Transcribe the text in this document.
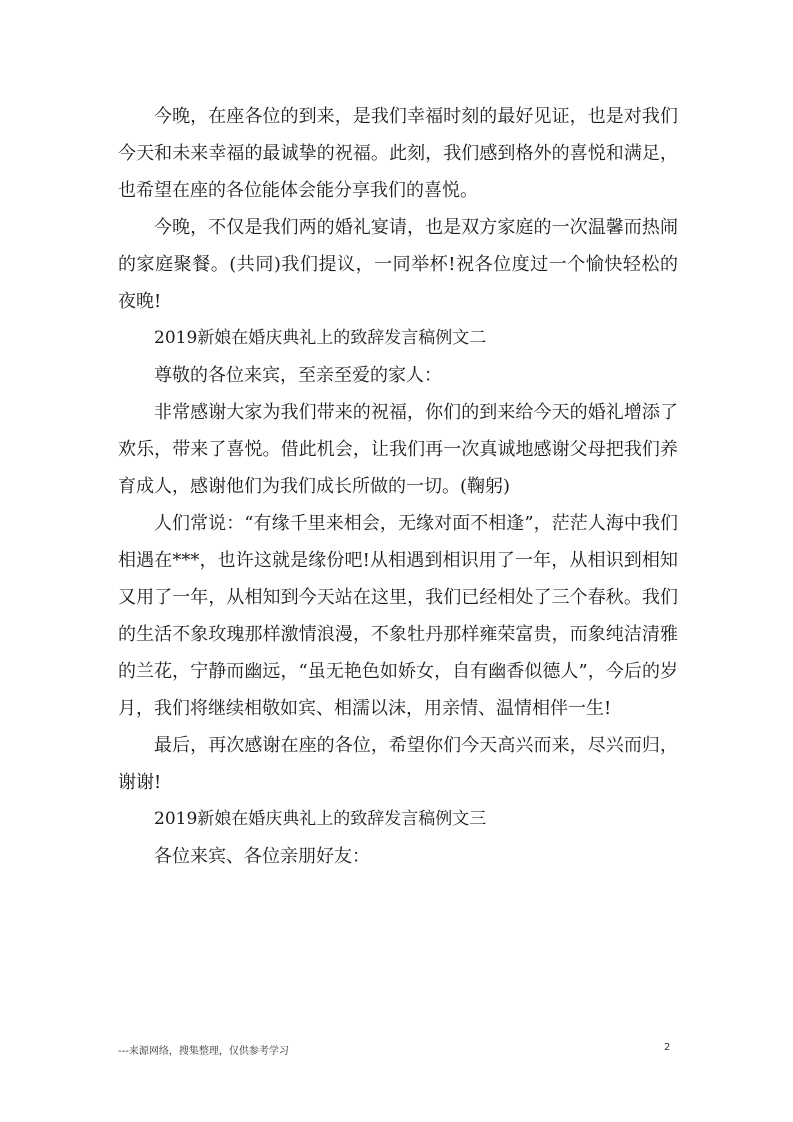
今晚，在座各位的到来，是我们幸福时刻的最好见证，也是对我们今天和未来幸福的最诚挚的祝福。此刻，我们感到格外的喜悦和满足，也希望在座的各位能体会能分享我们的喜悦。

今晚，不仅是我们两的婚礼宴请，也是双方家庭的一次温馨而热闹的家庭聚餐。(共同)我们提议，一同举杯!祝各位度过一个愉快轻松的夜晚!

2019新娘在婚庆典礼上的致辞发言稿例文二

尊敬的各位来宾，至亲至爱的家人：

非常感谢大家为我们带来的祝福，你们的到来给今天的婚礼增添了欢乐，带来了喜悦。借此机会，让我们再一次真诚地感谢父母把我们养育成人，感谢他们为我们成长所做的一切。(鞠躬)

人们常说：“有缘千里来相会，无缘对面不相逢”，茫茫人海中我们相遇在***，也许这就是缘份吧!从相遇到相识用了一年，从相识到相知又用了一年，从相知到今天站在这里，我们已经相处了三个春秋。我们的生活不象玫瑰那样激情浪漫，不象牡丹那样雍荣富贵，而象纯洁清雅的兰花，宁静而幽远，“虽无艳色如娇女，自有幽香似德人”，今后的岁月，我们将继续相敬如宾、相濡以沫，用亲情、温情相伴一生!

最后，再次感谢在座的各位，希望你们今天高兴而来，尽兴而归，谢谢!

2019新娘在婚庆典礼上的致辞发言稿例文三

各位来宾、各位亲朋好友：

---来源网络，搜集整理，仅供参考学习	2
